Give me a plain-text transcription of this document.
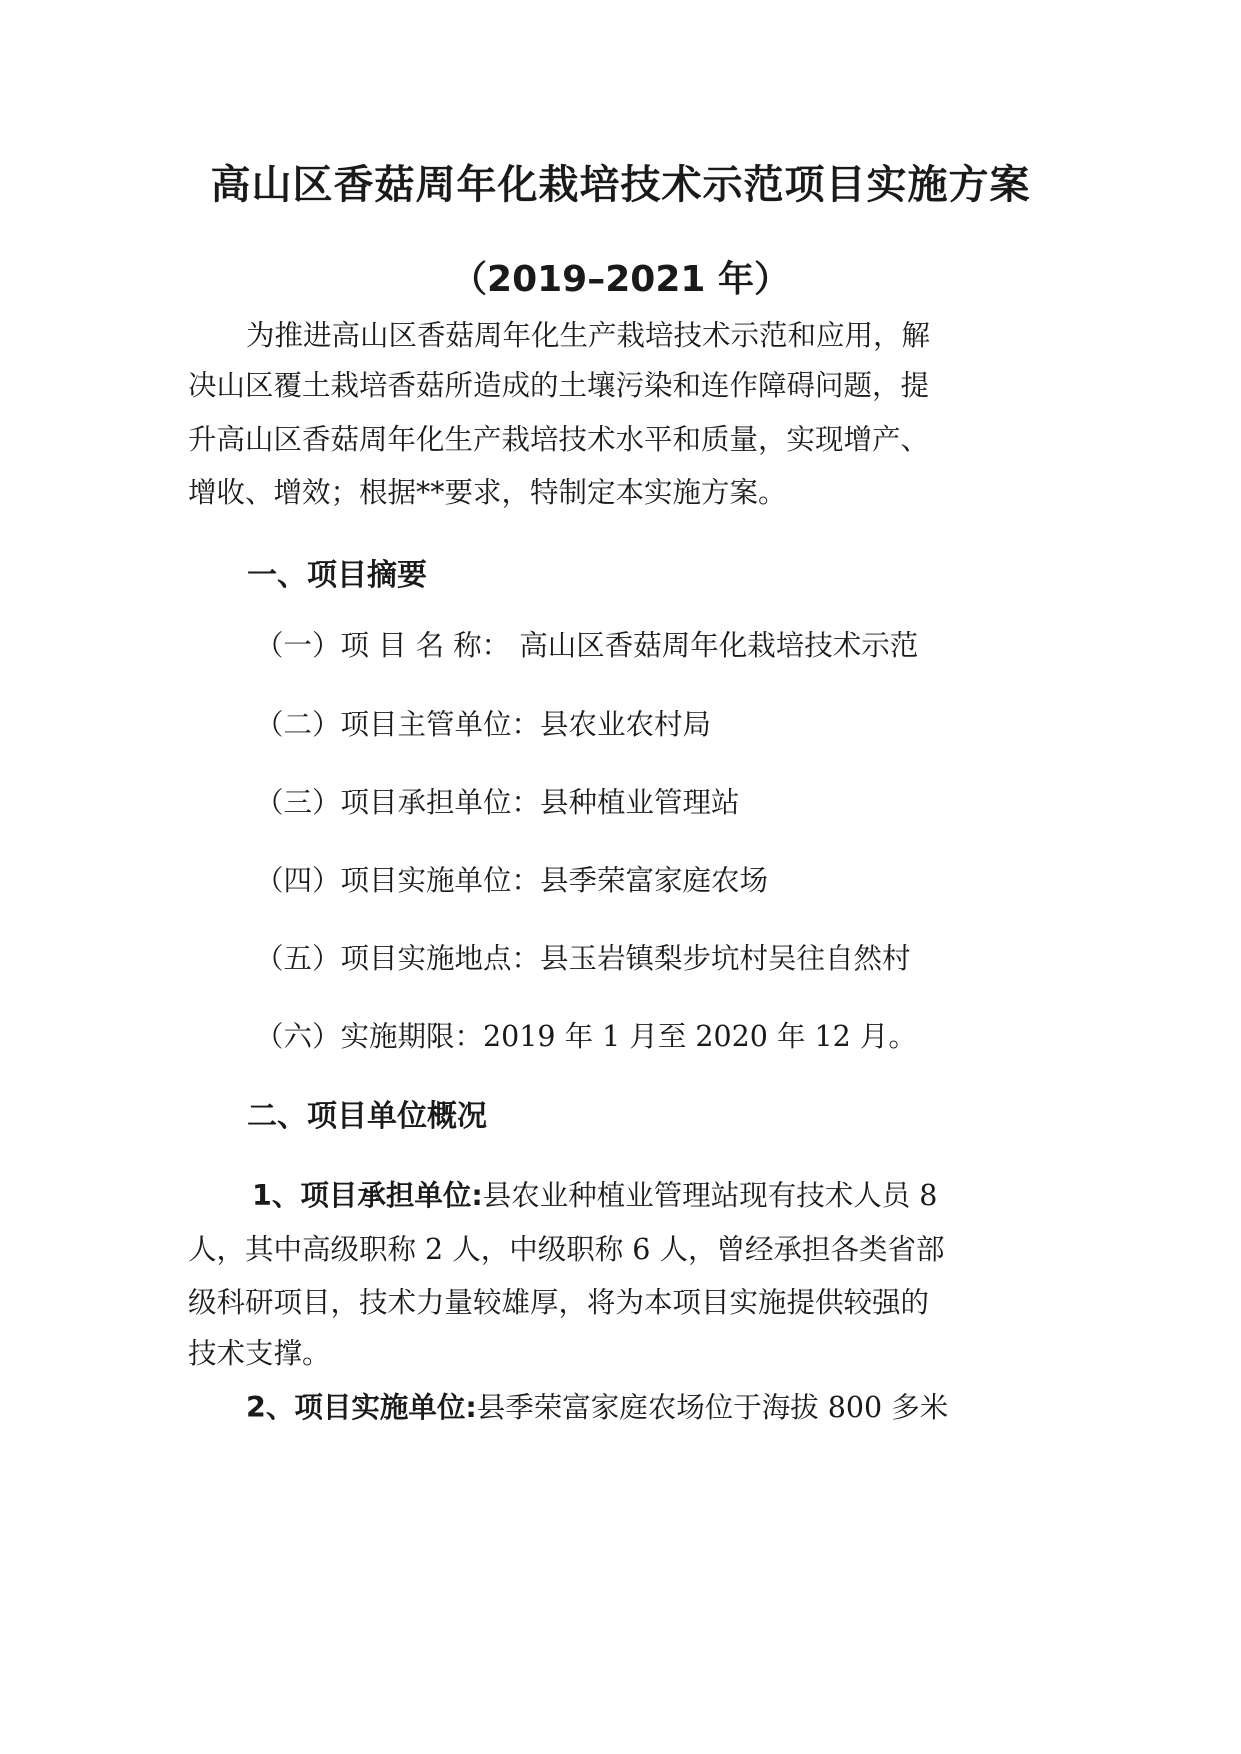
高山区香菇周年化栽培技术示范项目实施方案
（2019–2021 年）
为推进高山区香菇周年化生产栽培技术示范和应用，解
决山区覆土栽培香菇所造成的土壤污染和连作障碍问题，提
升高山区香菇周年化生产栽培技术水平和质量，实现增产、
增收、增效；根据**要求，特制定本实施方案。
一、项目摘要
（一）项 目 名 称： 高山区香菇周年化栽培技术示范
（二）项目主管单位：县农业农村局
（三）项目承担单位：县种植业管理站
（四）项目实施单位：县季荣富家庭农场
（五）项目实施地点：县玉岩镇梨步坑村吴往自然村
（六）实施期限：2019 年 1 月至 2020 年 12 月。
二、项目单位概况
1、项目承担单位:县农业种植业管理站现有技术人员 8
人，其中高级职称 2 人，中级职称 6 人，曾经承担各类省部
级科研项目，技术力量较雄厚，将为本项目实施提供较强的
技术支撑。
2、项目实施单位:县季荣富家庭农场位于海拔 800 多米
